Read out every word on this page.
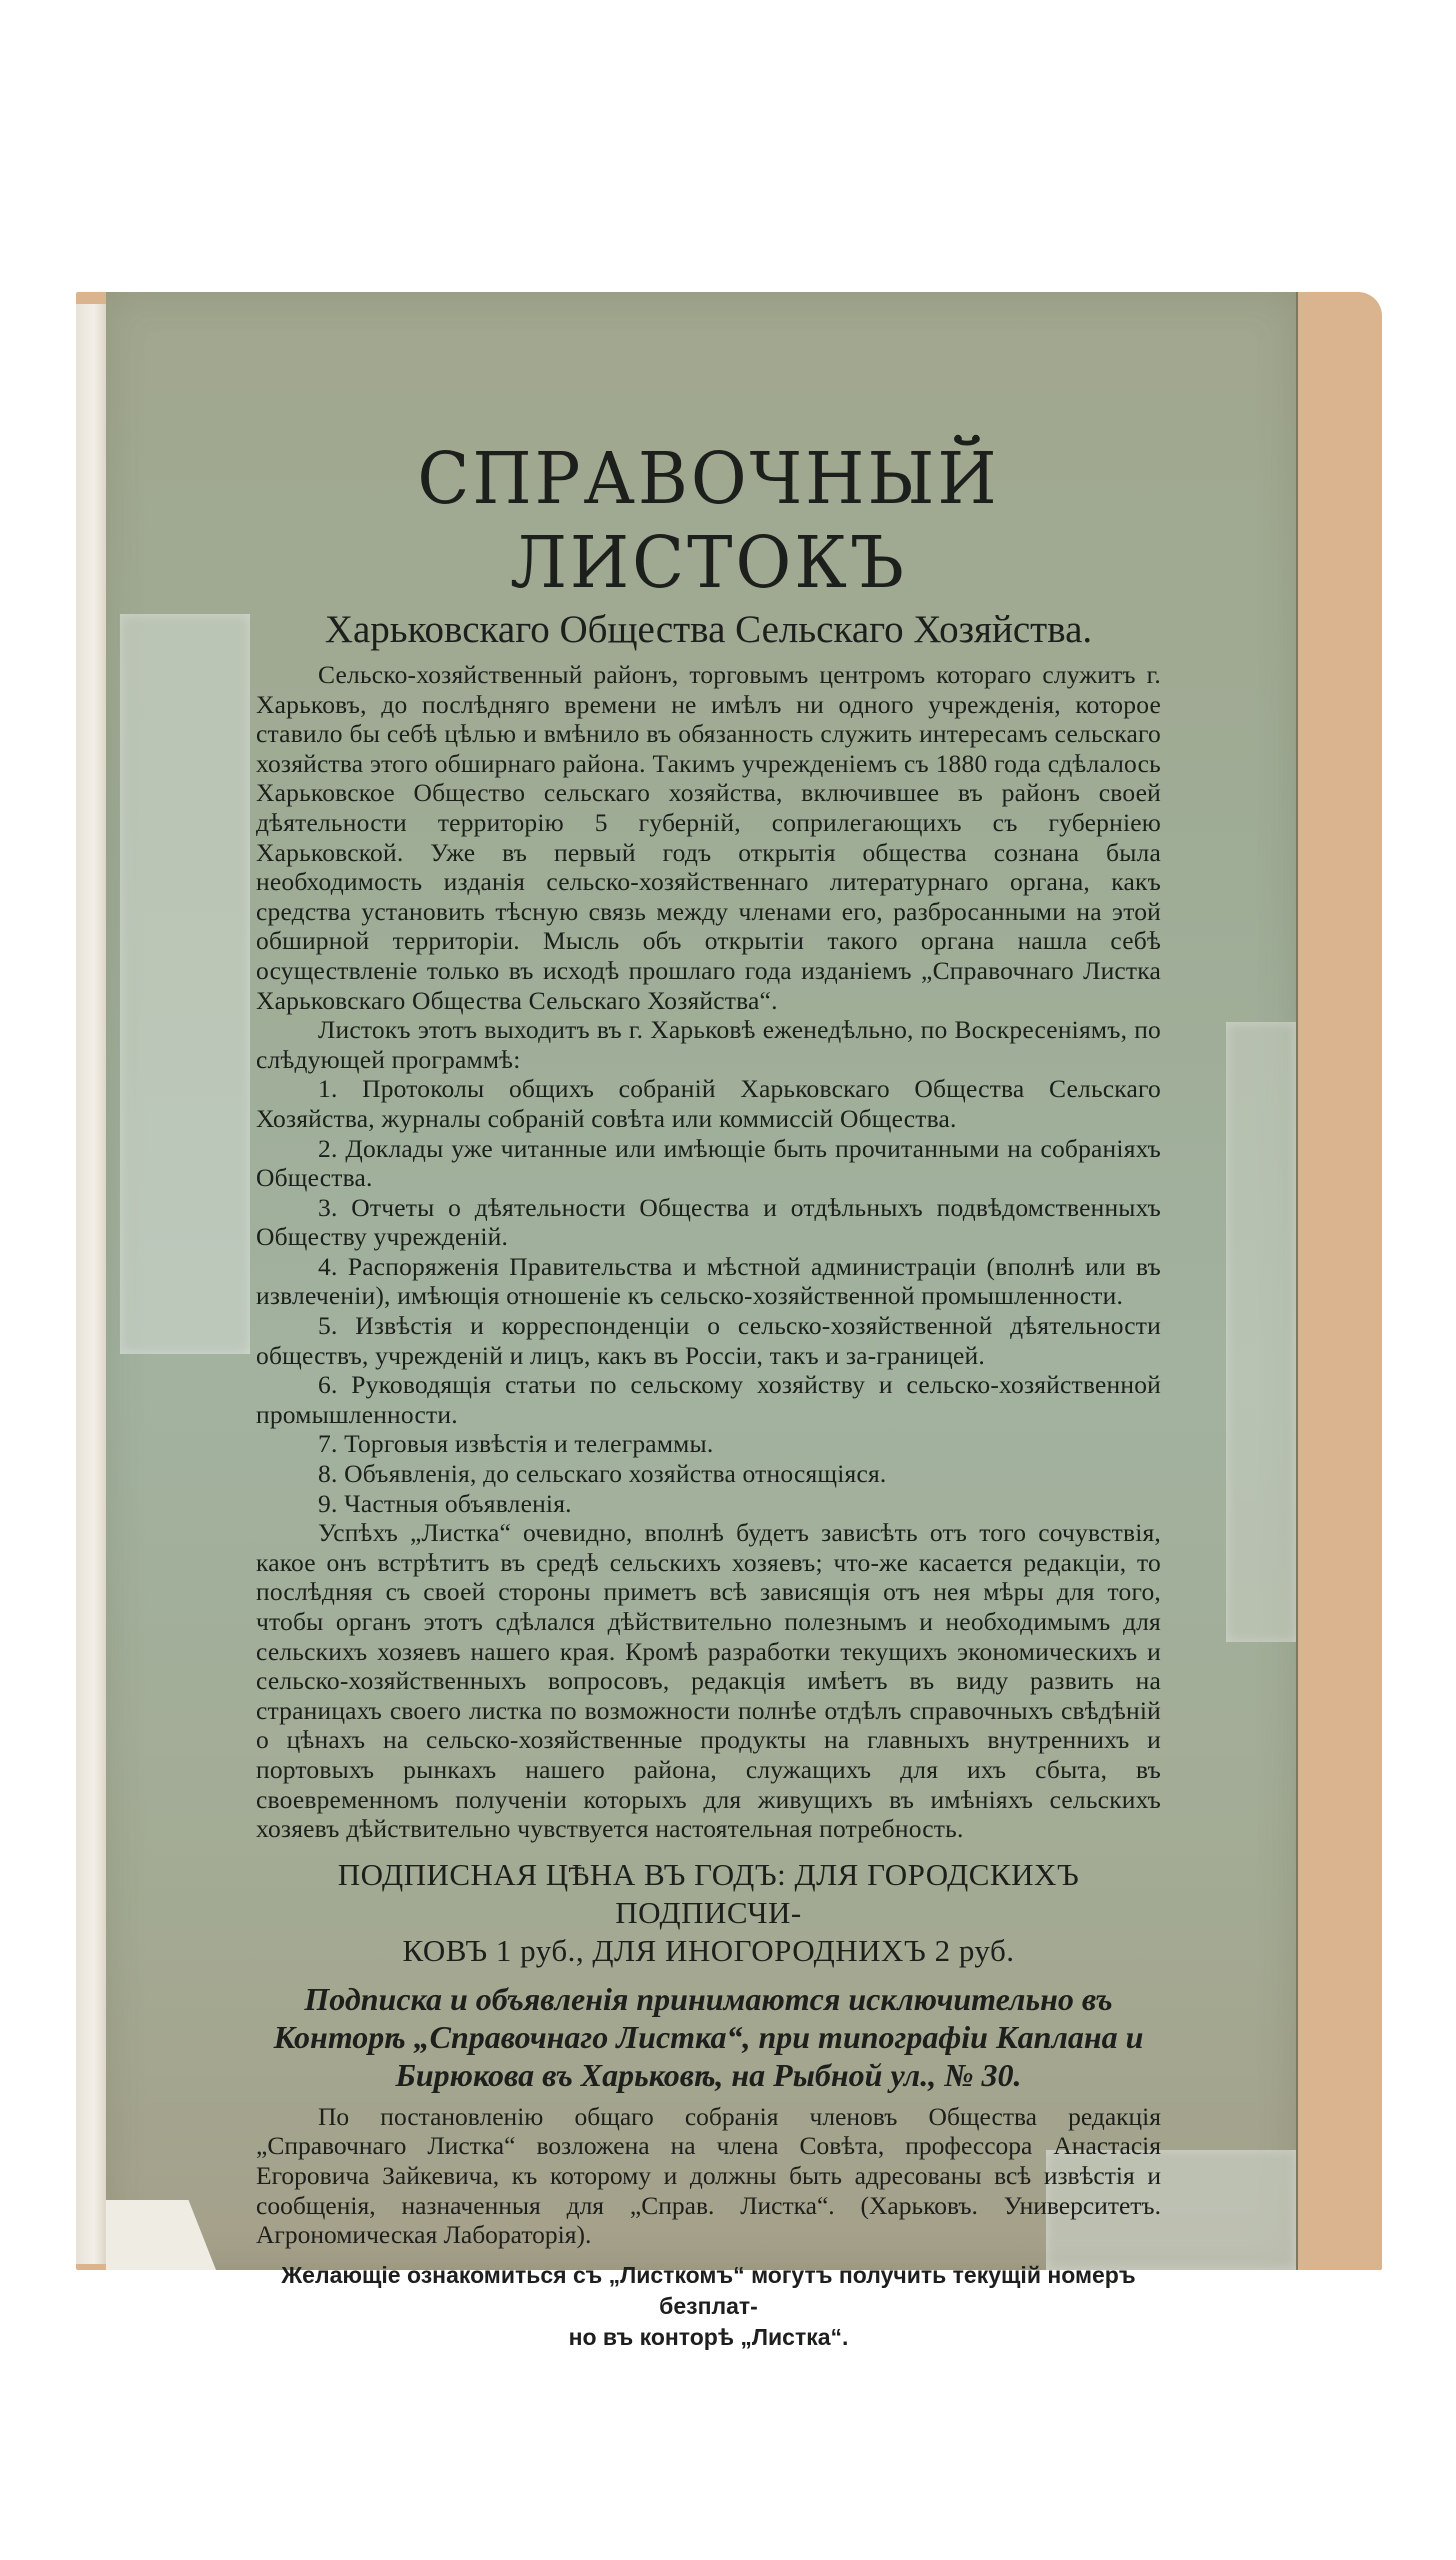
СПРАВОЧНЫЙ ЛИСТОКЪ
Харьковскаго Общества Сельскаго Хозяйства.

Сельско-хозяйственный районъ, торговымъ центромъ котораго служитъ г. Харьковъ, до послѣдняго времени не имѣлъ ни одного учрежденія, которое ставило бы себѣ цѣлью и вмѣнило въ обязанность служить интересамъ сельскаго хозяйства этого обширнаго района. Такимъ учрежденіемъ съ 1880 года сдѣлалось Харьковское Общество сельскаго хозяйства, включившее въ районъ своей дѣятельности территорію 5 губерній, соприлегающихъ съ губерніею Харьковской. Уже въ первый годъ открытія общества сознана была необходимость изданія сельско-хозяйственнаго литературнаго органа, какъ средства установить тѣсную связь между членами его, разбросанными на этой обширной территоріи. Мысль объ открытіи такого органа нашла себѣ осуществленіе только въ исходѣ прошлаго года изданіемъ „Справочнаго Листка Харьковскаго Общества Сельскаго Хозяйства“.

Листокъ этотъ выходитъ въ г. Харьковѣ еженедѣльно, по Воскресеніямъ, по слѣдующей программѣ:

1. Протоколы общихъ собраній Харьковскаго Общества Сельскаго Хозяйства, журналы собраній совѣта или коммиссій Общества.

2. Доклады уже читанные или имѣющіе быть прочитанными на собраніяхъ Общества.

3. Отчеты о дѣятельности Общества и отдѣльныхъ подвѣдомственныхъ Обществу учрежденій.

4. Распоряженія Правительства и мѣстной администраціи (вполнѣ или въ извлеченіи), имѣющія отношеніе къ сельско-хозяйственной промышленности.

5. Извѣстія и корреспонденціи о сельско-хозяйственной дѣятельности обществъ, учрежденій и лицъ, какъ въ Россіи, такъ и за-границей.

6. Руководящія статьи по сельскому хозяйству и сельско-хозяйственной промышленности.

7. Торговыя извѣстія и телеграммы.

8. Объявленія, до сельскаго хозяйства относящіяся.

9. Частныя объявленія.

Успѣхъ „Листка“ очевидно, вполнѣ будетъ зависѣть отъ того сочувствія, какое онъ встрѣтитъ въ средѣ сельскихъ хозяевъ; что-же касается редакціи, то послѣдняя съ своей стороны приметъ всѣ зависящія отъ нея мѣры для того, чтобы органъ этотъ сдѣлался дѣйствительно полезнымъ и необходимымъ для сельскихъ хозяевъ нашего края. Кромѣ разработки текущихъ экономическихъ и сельско-хозяйственныхъ вопросовъ, редакція имѣетъ въ виду развить на страницахъ своего листка по возможности полнѣе отдѣлъ справочныхъ свѣдѣній о цѣнахъ на сельско-хозяйственные продукты на главныхъ внутреннихъ и портовыхъ рынкахъ нашего района, служащихъ для ихъ сбыта, въ своевременномъ полученіи которыхъ для живущихъ въ имѣніяхъ сельскихъ хозяевъ дѣйствительно чувствуется настоятельная потребность.

ПОДПИСНАЯ ЦѢНА ВЪ ГОДЪ: ДЛЯ ГОРОДСКИХЪ ПОДПИСЧИ-
КОВЪ 1 руб., ДЛЯ ИНОГОРОДНИХЪ 2 руб.
Подписка и объявленія принимаются исключительно въ Конторѣ „Справочнаго Листка“, при типографіи Каплана и Бирюкова въ Харьковѣ, на Рыбной ул., № 30.

По постановленію общаго собранія членовъ Общества редакція „Справочнаго Листка“ возложена на члена Совѣта, профессора Анастасія Егоровича Зайкевича, къ которому и должны быть адресованы всѣ извѣстія и сообщенія, назначенныя для „Справ. Листка“. (Харьковъ. Университетъ. Агрономическая Лабораторія).

Желающіе ознакомиться съ „Листкомъ“ могутъ получить текущій номеръ безплат-
но въ конторѣ „Листка“.
